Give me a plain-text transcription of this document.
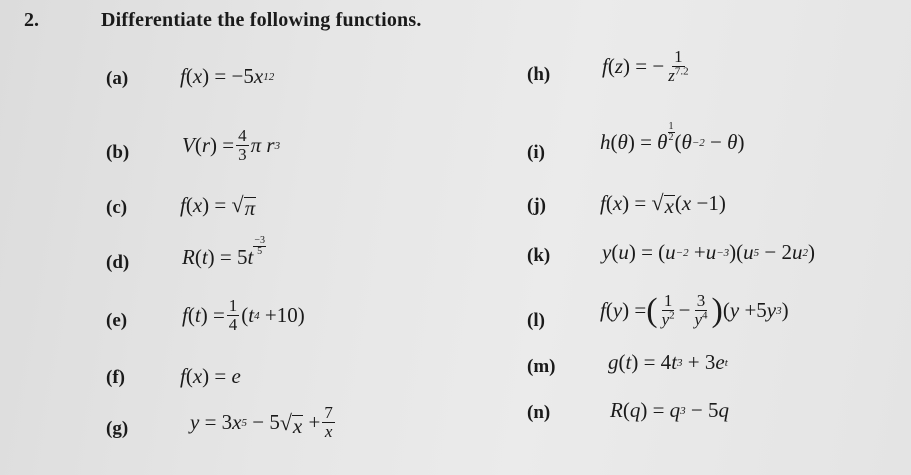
2.	Differentiate the following functions.
(a)
(b)
(c)
(d)
(e)
(f)
(g)
(h)
(i)
(j)
(k)
(l)
(m)
(n)
f ( x ) = −5 x 12
V ( r ) = $\frac{4}{3}$ π r 3
f ( x ) = √ π
R ( t ) = 5 t
−3
5
f ( t ) = $\frac{1}{4}$ ( t 4 +10)
f ( x ) = e
y = 3 x 5 − 5 √ $x + \frac{7}{x}$
f ( z ) = − $\frac{1}{z^{7.2}}$
h ( θ ) = θ $\frac{1}{2}$ ( θ −2 − θ )
f ( x ) = √ x ( x −1)
y ( u ) = ( u −2 + u −3 )( u 5 − 2 u 2 )
f ( y ) = ( $\frac{1}{y^2} - \frac{3}{y^4}$ ) ( y +5 y 3 )
g ( t ) = 4 t 3 + 3 e t
R ( q ) = q 3 − 5 q
